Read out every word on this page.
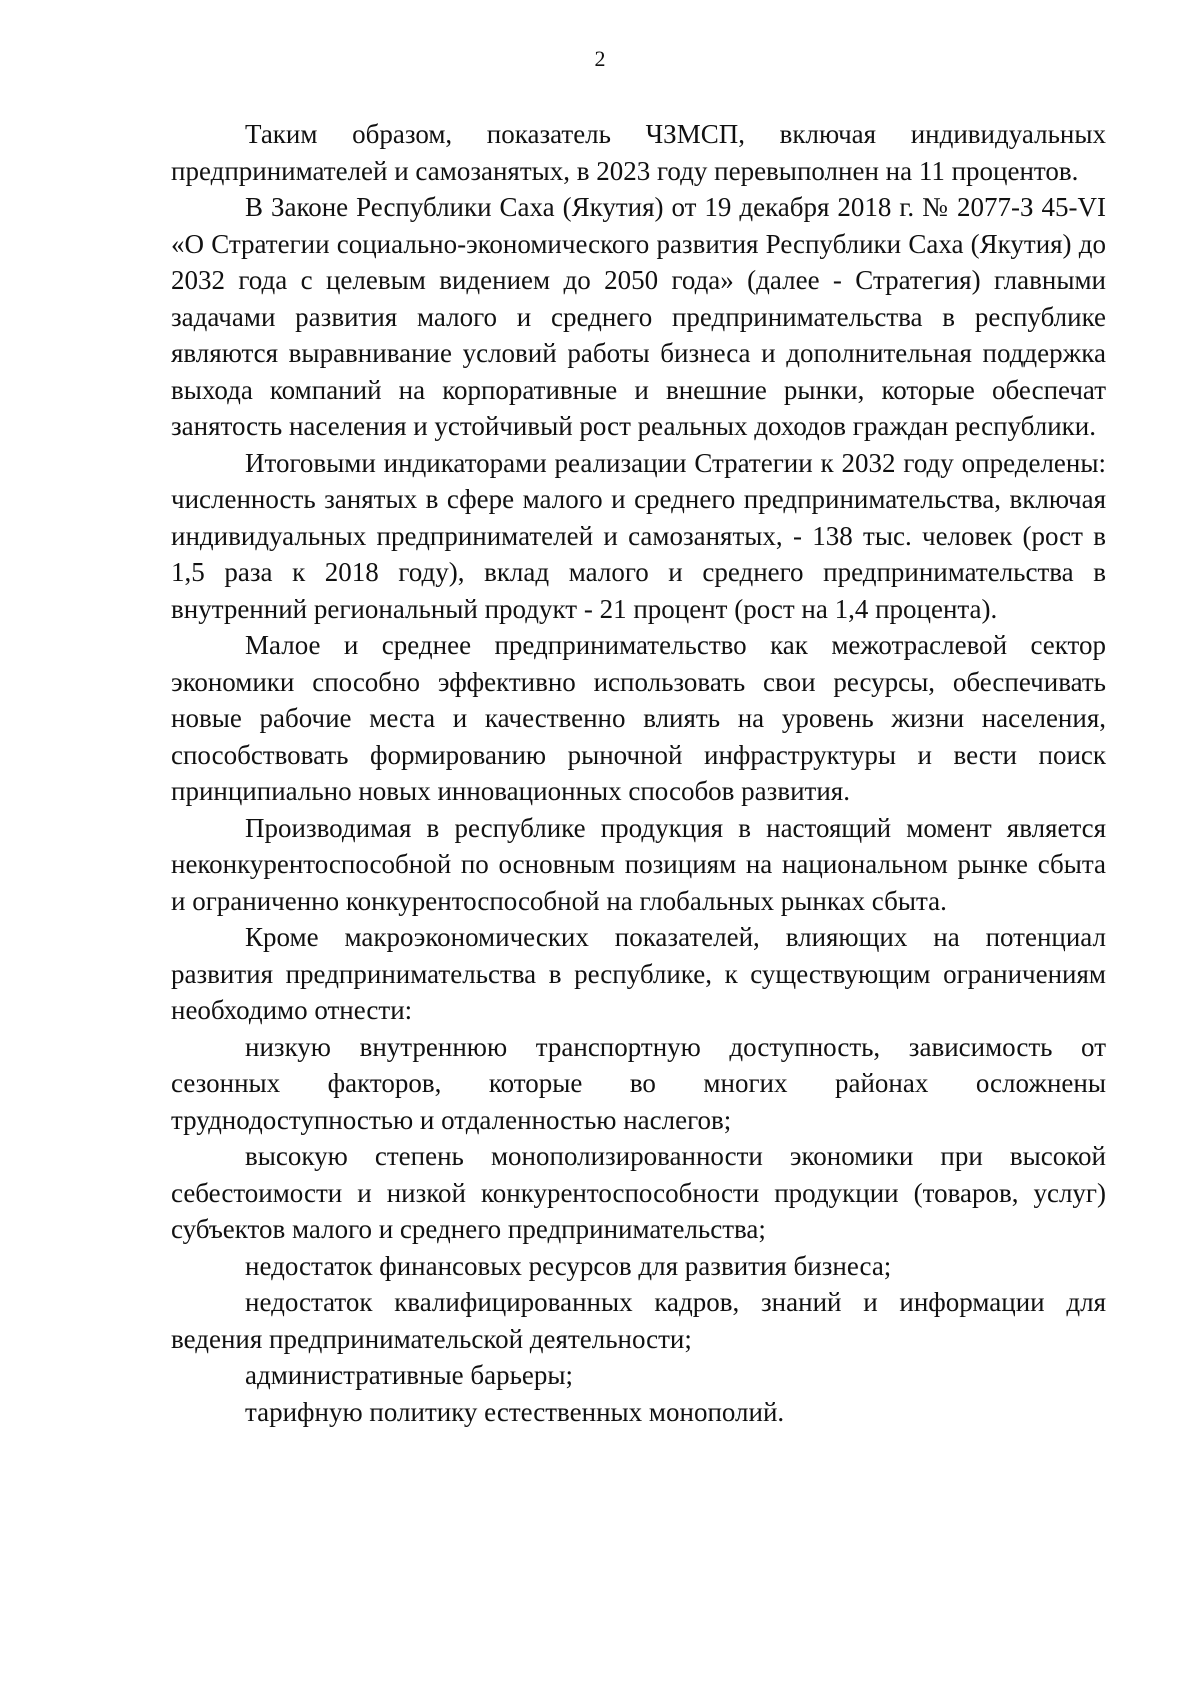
2

Таким образом, показатель ЧЗМСП, включая индивидуальных предпринимателей и самозанятых, в 2023 году перевыполнен на 11 процентов.

В Законе Республики Саха (Якутия) от 19 декабря 2018 г. № 2077-З 45-VI «О Стратегии социально-экономического развития Республики Саха (Якутия) до 2032 года с целевым видением до 2050 года» (далее - Стратегия) главными задачами развития малого и среднего предпринимательства в республике являются выравнивание условий работы бизнеса и дополнительная поддержка выхода компаний на корпоративные и внешние рынки, которые обеспечат занятость населения и устойчивый рост реальных доходов граждан республики.

Итоговыми индикаторами реализации Стратегии к 2032 году определены: численность занятых в сфере малого и среднего предпринимательства, включая индивидуальных предпринимателей и самозанятых, - 138 тыс. человек (рост в 1,5 раза к 2018 году), вклад малого и среднего предпринимательства в внутренний региональный продукт - 21 процент (рост на 1,4 процента).

Малое и среднее предпринимательство как межотраслевой сектор экономики способно эффективно использовать свои ресурсы, обеспечивать новые рабочие места и качественно влиять на уровень жизни населения, способствовать формированию рыночной инфраструктуры и вести поиск принципиально новых инновационных способов развития.

Производимая в республике продукция в настоящий момент является неконкурентоспособной по основным позициям на национальном рынке сбыта и ограниченно конкурентоспособной на глобальных рынках сбыта.

Кроме макроэкономических показателей, влияющих на потенциал развития предпринимательства в республике, к существующим ограничениям необходимо отнести:

низкую внутреннюю транспортную доступность, зависимость от сезонных факторов, которые во многих районах осложнены труднодоступностью и отдаленностью наслегов;

высокую степень монополизированности экономики при высокой себестоимости и низкой конкурентоспособности продукции (товаров, услуг) субъектов малого и среднего предпринимательства;

недостаток финансовых ресурсов для развития бизнеса;

недостаток квалифицированных кадров, знаний и информации для ведения предпринимательской деятельности;

административные барьеры;

тарифную политику естественных монополий.
